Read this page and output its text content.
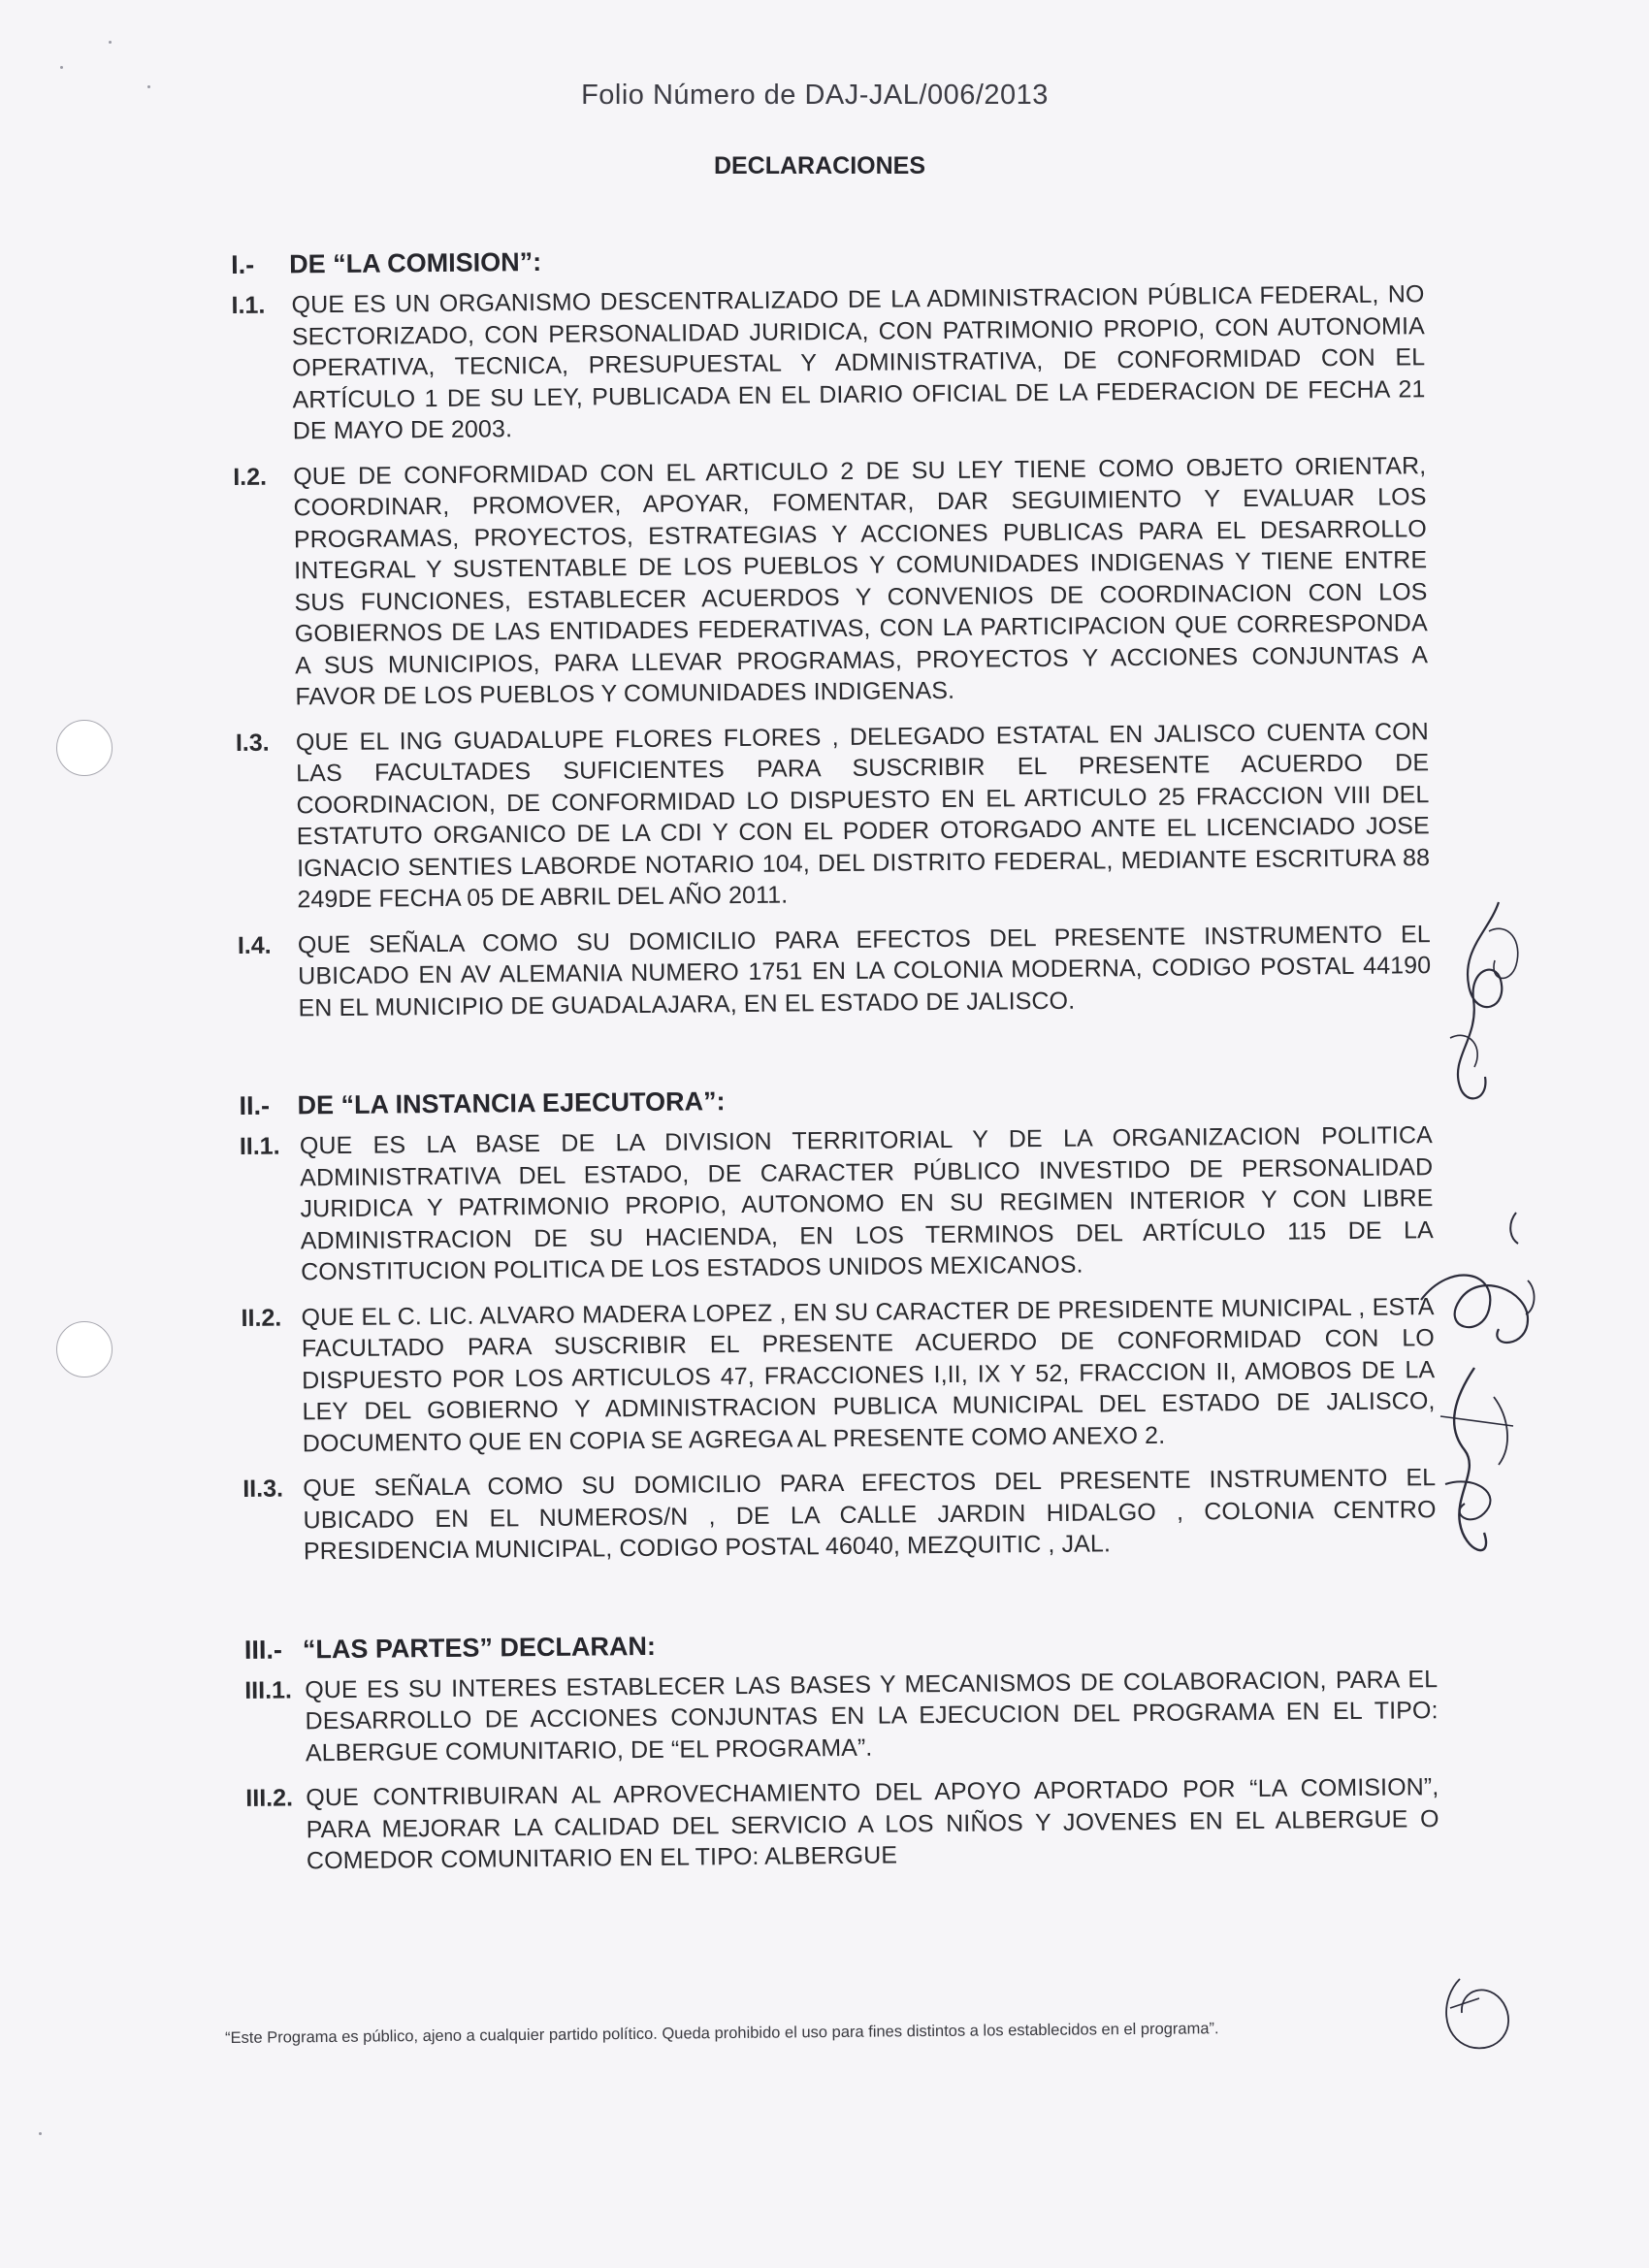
Folio Número de DAJ-JAL/006/2013
DECLARACIONES
I.-	DE “LA COMISION”:
I.1.	QUE ES UN ORGANISMO DESCENTRALIZADO DE LA ADMINISTRACION PÚBLICA FEDERAL, NO SECTORIZADO, CON PERSONALIDAD JURIDICA, CON PATRIMONIO PROPIO, CON AUTONOMIA OPERATIVA, TECNICA, PRESUPUESTAL Y ADMINISTRATIVA, DE CONFORMIDAD CON EL ARTÍCULO 1 DE SU LEY, PUBLICADA EN EL DIARIO OFICIAL DE LA FEDERACION DE FECHA 21 DE MAYO DE 2003.
I.2.	QUE DE CONFORMIDAD CON EL ARTICULO 2 DE SU LEY TIENE COMO OBJETO ORIENTAR, COORDINAR, PROMOVER, APOYAR, FOMENTAR, DAR SEGUIMIENTO Y EVALUAR LOS PROGRAMAS, PROYECTOS, ESTRATEGIAS Y ACCIONES PUBLICAS PARA EL DESARROLLO INTEGRAL Y SUSTENTABLE DE LOS PUEBLOS Y COMUNIDADES INDIGENAS Y TIENE ENTRE SUS FUNCIONES, ESTABLECER ACUERDOS Y CONVENIOS DE COORDINACION CON LOS GOBIERNOS DE LAS ENTIDADES FEDERATIVAS, CON LA PARTICIPACION QUE CORRESPONDA A SUS MUNICIPIOS, PARA LLEVAR PROGRAMAS, PROYECTOS Y ACCIONES CONJUNTAS A FAVOR DE LOS PUEBLOS Y COMUNIDADES INDIGENAS.
I.3.	QUE EL ING GUADALUPE FLORES FLORES , DELEGADO ESTATAL EN JALISCO CUENTA CON LAS FACULTADES SUFICIENTES PARA SUSCRIBIR EL PRESENTE ACUERDO DE COORDINACION, DE CONFORMIDAD LO DISPUESTO EN EL ARTICULO 25 FRACCION VIII DEL ESTATUTO ORGANICO DE LA CDI Y CON EL PODER OTORGADO ANTE EL LICENCIADO JOSE IGNACIO SENTIES LABORDE NOTARIO 104, DEL DISTRITO FEDERAL, MEDIANTE ESCRITURA 88 249DE FECHA 05 DE ABRIL DEL AÑO 2011.
I.4.	QUE SEÑALA COMO SU DOMICILIO PARA EFECTOS DEL PRESENTE INSTRUMENTO EL UBICADO EN AV ALEMANIA NUMERO 1751 EN LA COLONIA MODERNA, CODIGO POSTAL 44190 EN EL MUNICIPIO DE GUADALAJARA, EN EL ESTADO DE JALISCO.
II.-	DE “LA INSTANCIA EJECUTORA”:
II.1. QUE ES LA BASE DE LA DIVISION TERRITORIAL Y DE LA ORGANIZACION POLITICA ADMINISTRATIVA DEL ESTADO, DE CARACTER PÚBLICO INVESTIDO DE PERSONALIDAD JURIDICA Y PATRIMONIO PROPIO, AUTONOMO EN SU REGIMEN INTERIOR Y CON LIBRE ADMINISTRACION DE SU HACIENDA, EN LOS TERMINOS DEL ARTÍCULO 115 DE LA CONSTITUCION POLITICA DE LOS ESTADOS UNIDOS MEXICANOS.
II.2. QUE EL C. LIC. ALVARO MADERA LOPEZ , EN SU CARACTER DE PRESIDENTE MUNICIPAL , ESTA FACULTADO PARA SUSCRIBIR EL PRESENTE ACUERDO DE CONFORMIDAD CON LO DISPUESTO POR LOS ARTICULOS 47, FRACCIONES I,II, IX Y 52, FRACCION II, AMOBOS DE LA LEY DEL GOBIERNO Y ADMINISTRACION PUBLICA MUNICIPAL DEL ESTADO DE JALISCO, DOCUMENTO QUE EN COPIA SE AGREGA AL PRESENTE COMO ANEXO 2.
II.3. QUE SEÑALA COMO SU DOMICILIO PARA EFECTOS DEL PRESENTE INSTRUMENTO EL UBICADO EN EL NUMEROS/N , DE LA CALLE JARDIN HIDALGO , COLONIA CENTRO PRESIDENCIA MUNICIPAL, CODIGO POSTAL 46040, MEZQUITIC , JAL.
III.- “LAS PARTES” DECLARAN:
III.1. QUE ES SU INTERES ESTABLECER LAS BASES Y MECANISMOS DE COLABORACION, PARA EL DESARROLLO DE ACCIONES CONJUNTAS EN LA EJECUCION DEL PROGRAMA EN EL TIPO: ALBERGUE COMUNITARIO, DE “EL PROGRAMA”.
III.2. QUE CONTRIBUIRAN AL APROVECHAMIENTO DEL APOYO APORTADO POR “LA COMISION”, PARA MEJORAR LA CALIDAD DEL SERVICIO A LOS NIÑOS Y JOVENES EN EL ALBERGUE O COMEDOR COMUNITARIO EN EL TIPO: ALBERGUE
“Este Programa es público, ajeno a cualquier partido político. Queda prohibido el uso para fines distintos a los establecidos en el programa”.
